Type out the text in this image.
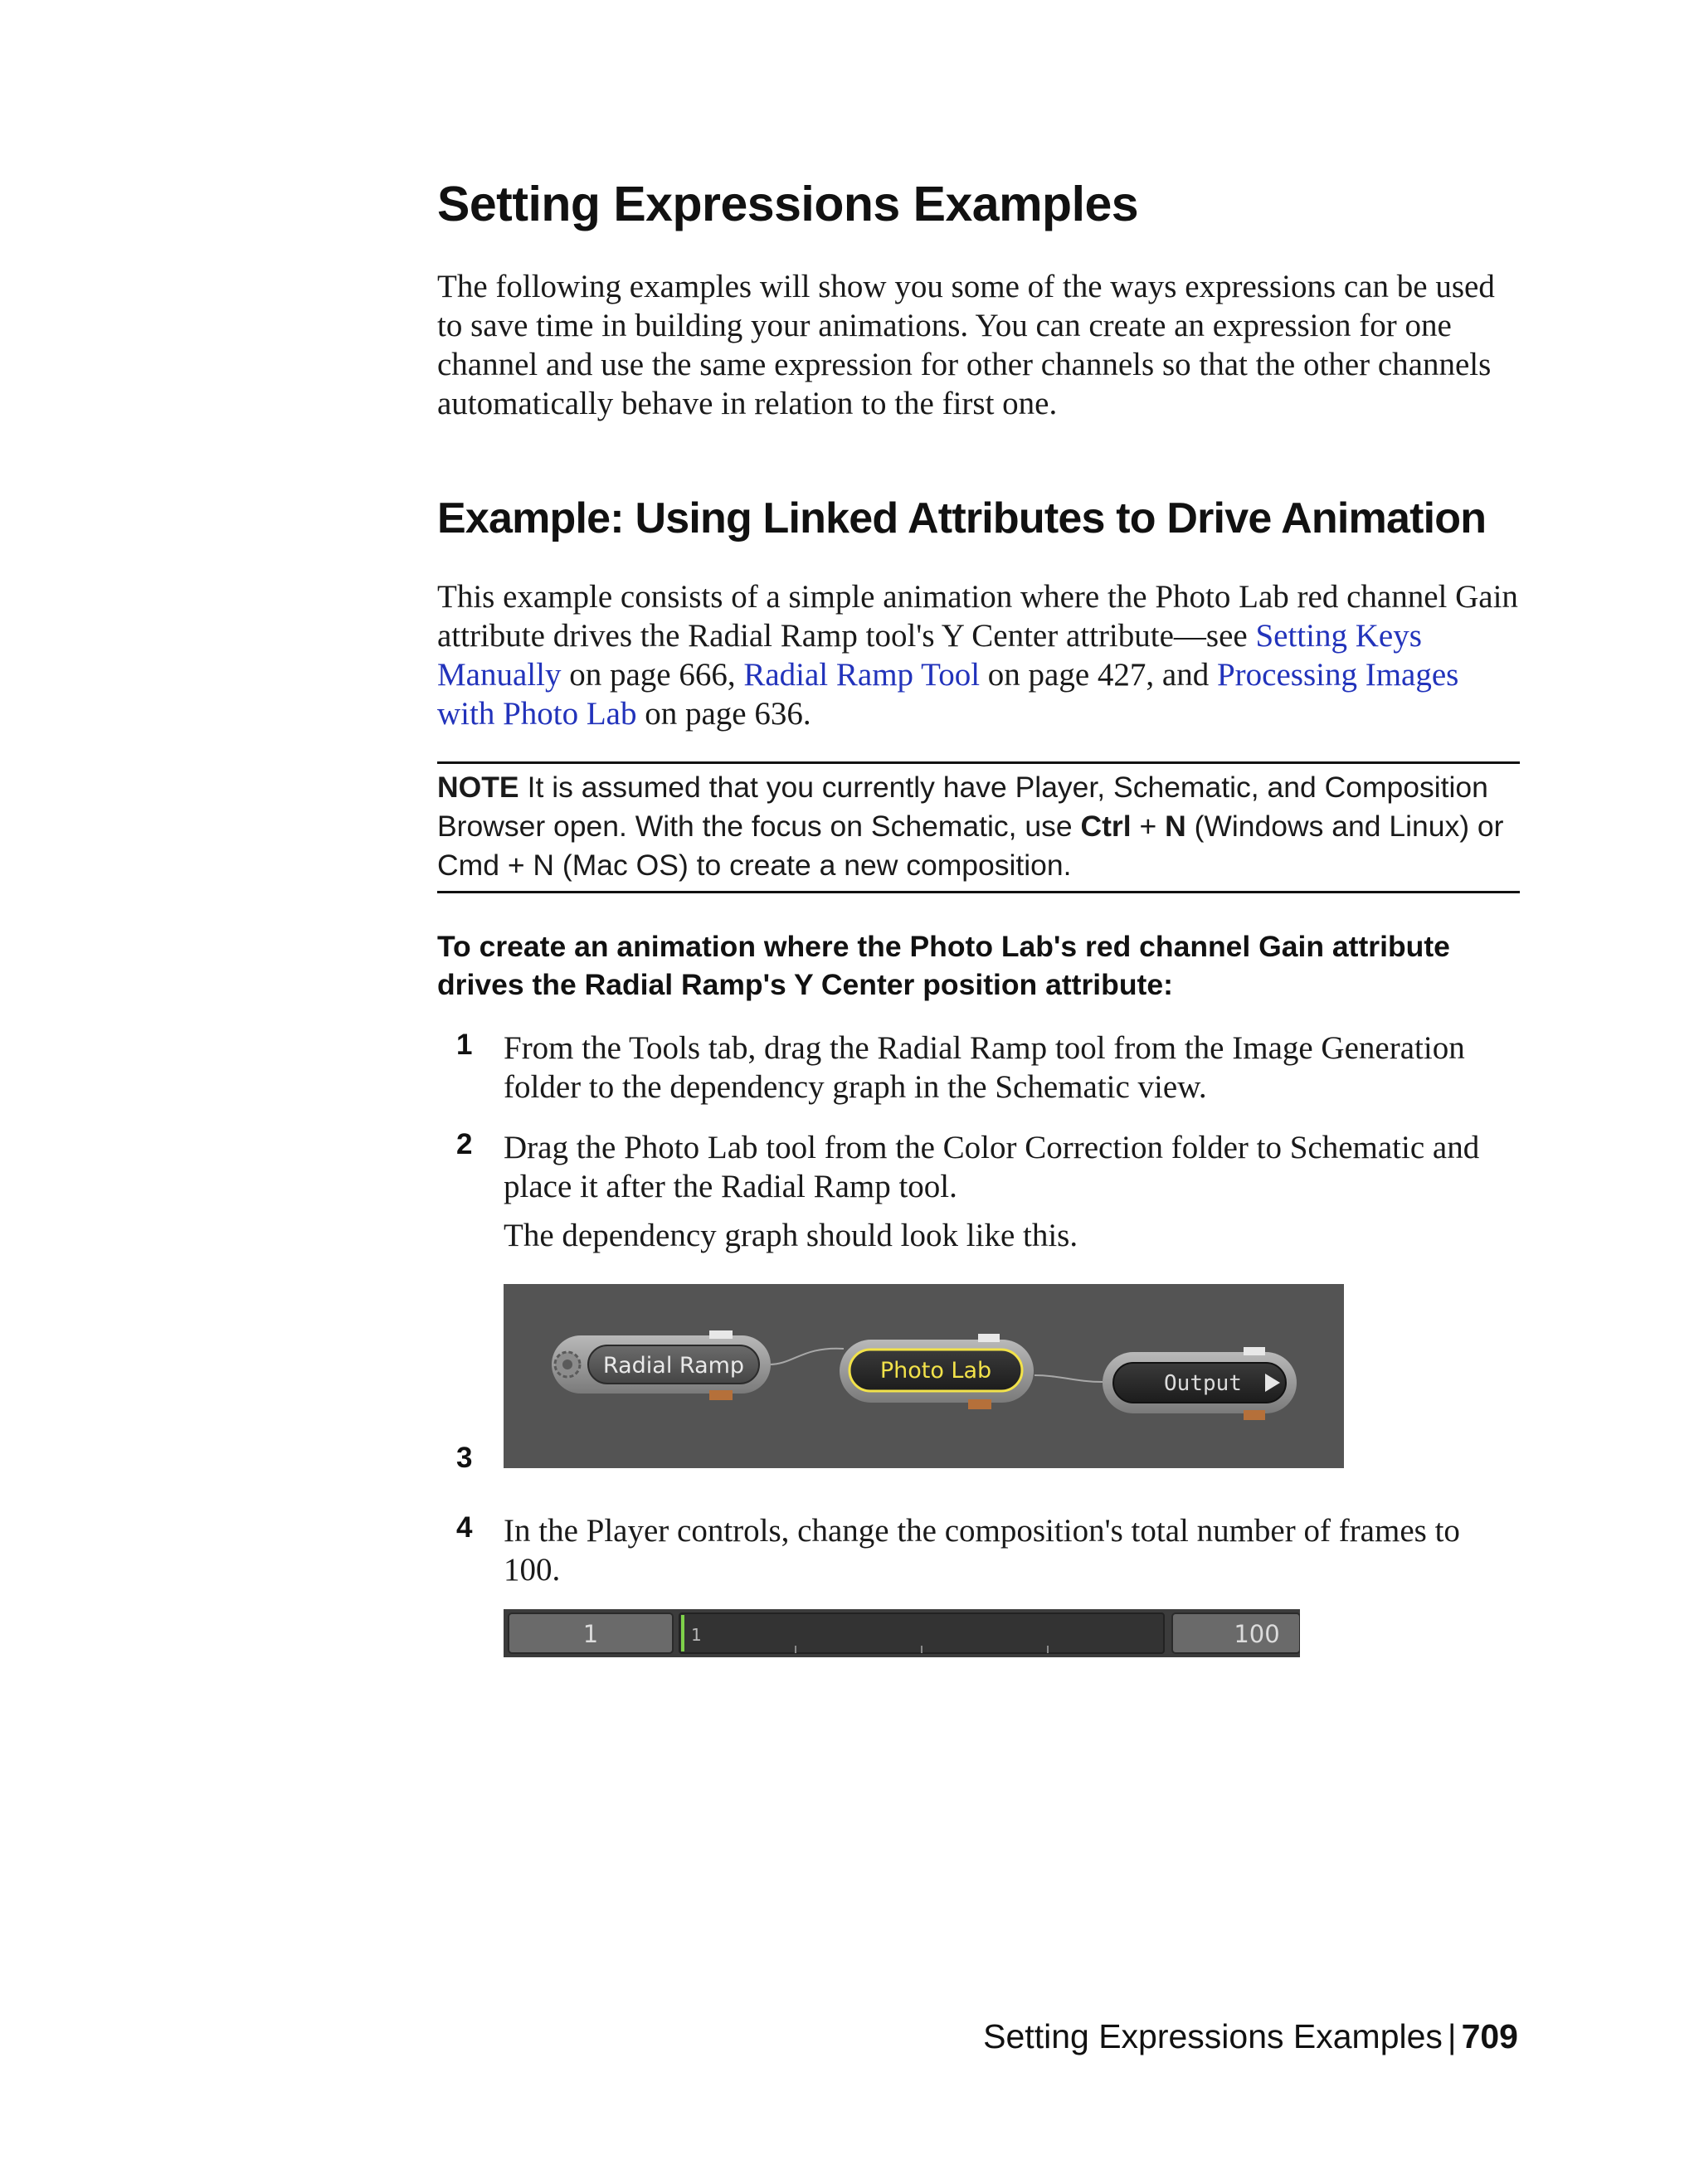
Setting Expressions Examples

The following examples will show you some of the ways expressions can be used to save time in building your animations. You can create an expression for one channel and use the same expression for other channels so that the other channels automatically behave in relation to the first one.

Example: Using Linked Attributes to Drive Animation

This example consists of a simple animation where the Photo Lab red channel Gain attribute drives the Radial Ramp tool's Y Center attribute—see Setting Keys Manually on page 666, Radial Ramp Tool on page 427, and Processing Images with Photo Lab on page 636.

NOTE It is assumed that you currently have Player, Schematic, and Composition Browser open. With the focus on Schematic, use Ctrl + N (Windows and Linux) or Cmd + N (Mac OS) to create a new composition.

To create an animation where the Photo Lab's red channel Gain attribute drives the Radial Ramp's Y Center position attribute:

1 From the Tools tab, drag the Radial Ramp tool from the Image Generation folder to the dependency graph in the Schematic view.

2 Drag the Photo Lab tool from the Color Correction folder to Schematic and place it after the Radial Ramp tool.

The dependency graph should look like this.

3
Radial Ramp	Photo Lab	Output
4 In the Player controls, change the composition's total number of frames to 100.

1	1	100

Setting Expressions Examples | 709
